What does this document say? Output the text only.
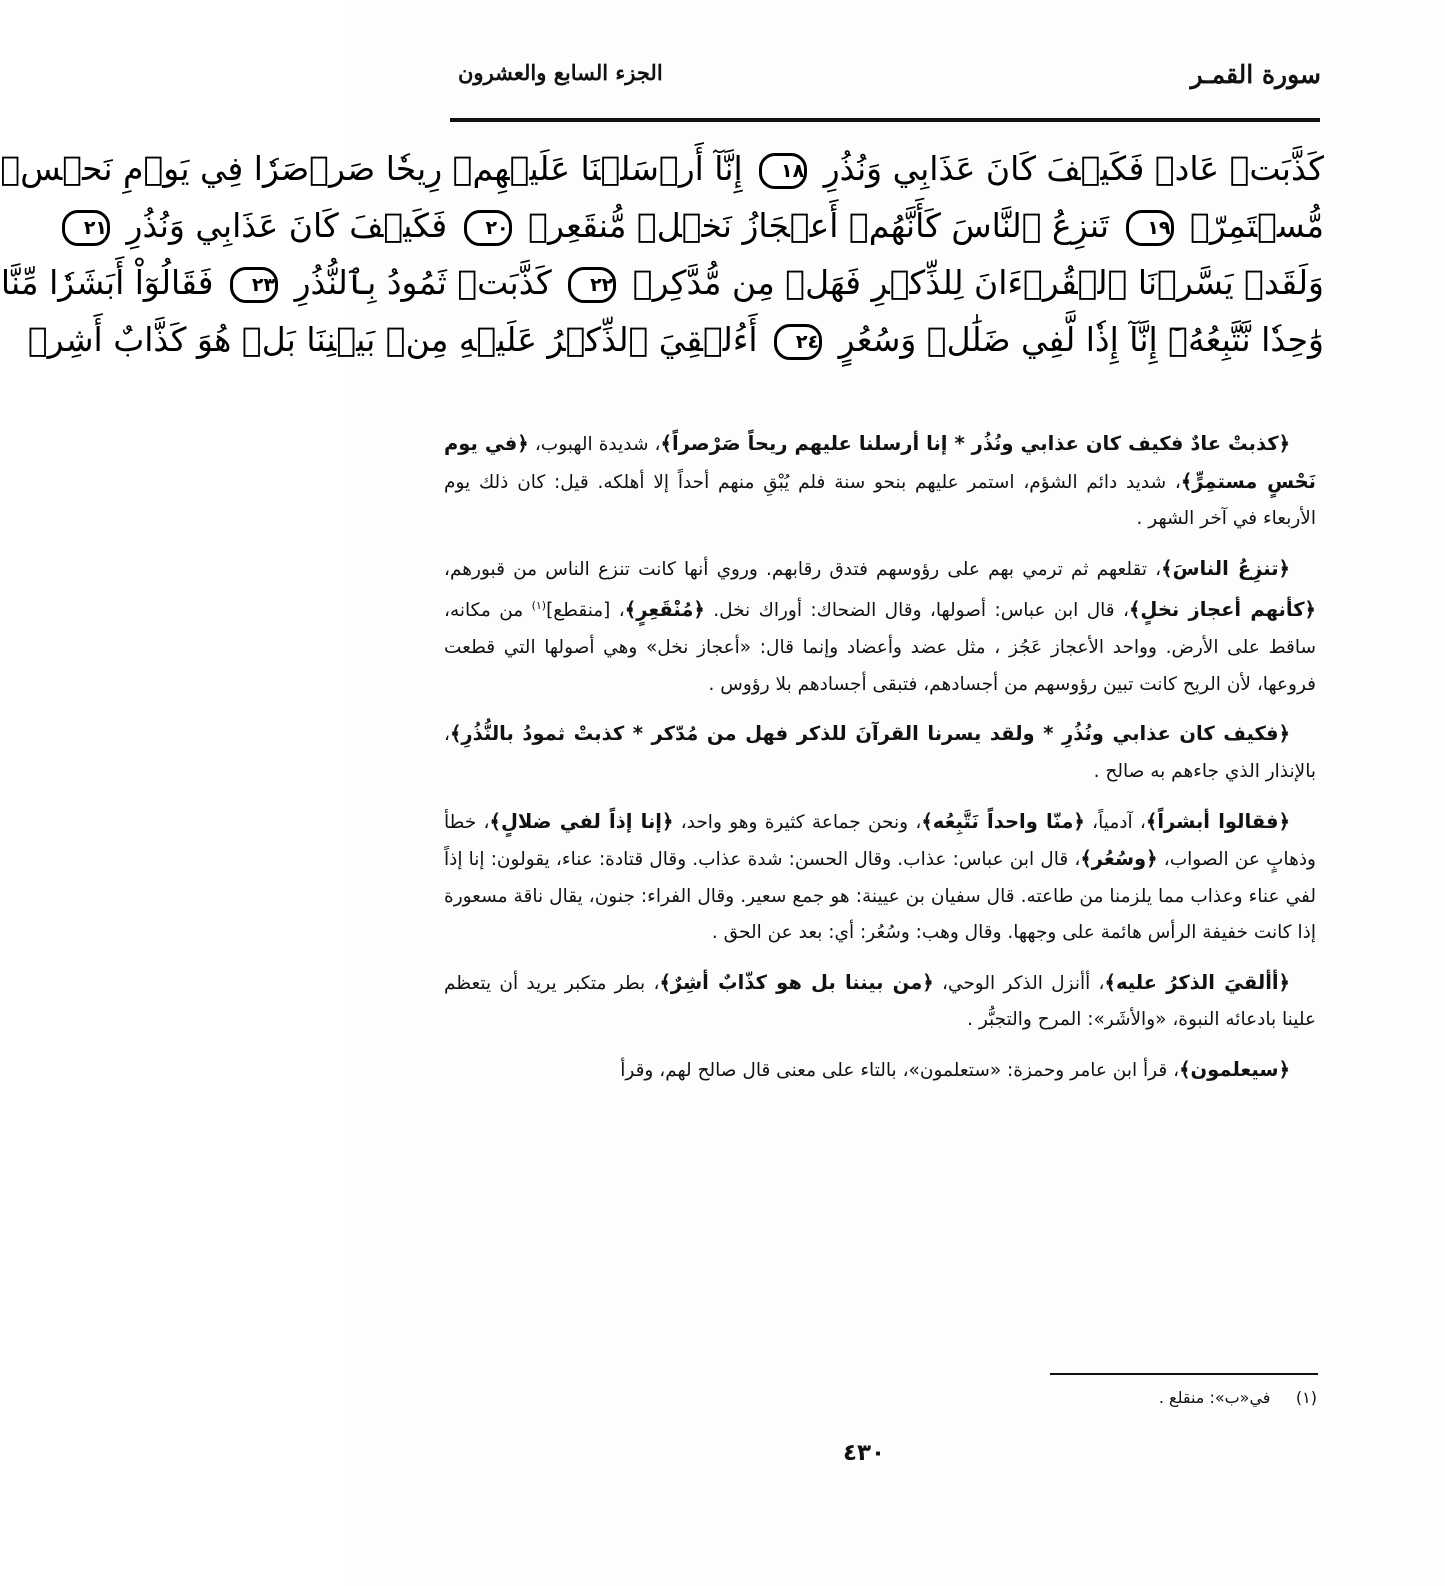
سورة القمـر
الجزء السابع والعشرون
كَذَّبَتۡ عَادٞ فَكَيۡفَ كَانَ عَذَابِي وَنُذُرِ ١٨ إِنَّآ أَرۡسَلۡنَا عَلَيۡهِمۡ رِيحٗا صَرۡصَرٗا فِي يَوۡمِ نَحۡسٖ
مُّسۡتَمِرّٖ ١٩ تَنزِعُ ٱلنَّاسَ كَأَنَّهُمۡ أَعۡجَازُ نَخۡلٖ مُّنقَعِرٖ ٢٠ فَكَيۡفَ كَانَ عَذَابِي وَنُذُرِ ٢١
وَلَقَدۡ يَسَّرۡنَا ٱلۡقُرۡءَانَ لِلذِّكۡرِ فَهَلۡ مِن مُّدَّكِرٖ ٢٢ كَذَّبَتۡ ثَمُودُ بِٱلنُّذُرِ ٢٣ فَقَالُوٓاْ أَبَشَرٗا مِّنَّا
وَٰحِدٗا نَّتَّبِعُهُۥٓ إِنَّآ إِذٗا لَّفِي ضَلَٰلٖ وَسُعُرٍ ٢٤ أَءُلۡقِيَ ٱلذِّكۡرُ عَلَيۡهِ مِنۢ بَيۡنِنَا بَلۡ هُوَ كَذَّابٌ أَشِرٞ

﴿كذبتْ عادٌ فكيف كان عذابي ونُذُر * إنا أرسلنا عليهم ريحاً صَرْصراً﴾، شديدة الهبوب، ﴿في يوم نَحْسٍ مستمِرٍّ﴾، شديد دائم الشؤم، استمر عليهم بنحو سنة فلم يُبْقِ منهم أحداً إلا أهلكه. قيل: كان ذلك يوم الأربعاء في آخر الشهر .

﴿تنزِعُ الناسَ﴾، تقلعهم ثم ترمي بهم على رؤوسهم فتدق رقابهم. وروي أنها كانت تنزع الناس من قبورهم، ﴿كأنهم أعجاز نخلٍ﴾، قال ابن عباس: أصولها، وقال الضحاك: أوراك نخل. ﴿مُنْقَعِرٍ﴾، [منقطع]$^{(١)}$ من مكانه، ساقط على الأرض. وواحد الأعجاز عَجُز ، مثل عضد وأعضاد وإنما قال: «أعجاز نخل» وهي أصولها التي قطعت فروعها، لأن الريح كانت تبين رؤوسهم من أجسادهم، فتبقى أجسادهم بلا رؤوس .

﴿فكيف كان عذابي ونُذُرِ * ولقد يسرنا القرآنَ للذكر فهل من مُدّكر * كذبتْ ثمودُ بالنُّذُرِ﴾، بالإنذار الذي جاءهم به صالح .

﴿فقالوا أبشراً﴾، آدمياً، ﴿منّا واحداً نَتَّبِعُه﴾، ونحن جماعة كثيرة وهو واحد، ﴿إنا إذاً لفي ضلالٍ﴾، خطأ وذهابٍ عن الصواب، ﴿وسُعُر﴾، قال ابن عباس: عذاب. وقال الحسن: شدة عذاب. وقال قتادة: عناء، يقولون: إنا إذاً لفي عناء وعذاب مما يلزمنا من طاعته. قال سفيان بن عيينة: هو جمع سعير. وقال الفراء: جنون، يقال ناقة مسعورة إذا كانت خفيفة الرأس هائمة على وجهها. وقال وهب: وسُعُر: أي: بعد عن الحق .

﴿أألقيَ الذكرُ عليه﴾، أأنزل الذكر الوحي، ﴿من بيننا بل هو كذّابٌ أشِرٌ﴾، بطر متكبر يريد أن يتعظم علينا بادعائه النبوة، «والأشَر»: المرح والتجبُّر .

﴿سيعلمون﴾، قرأ ابن عامر وحمزة: «ستعلمون»، بالتاء على معنى قال صالح لهم، وقرأ

(١)     في«ب»: منقلع .
٤٣٠
